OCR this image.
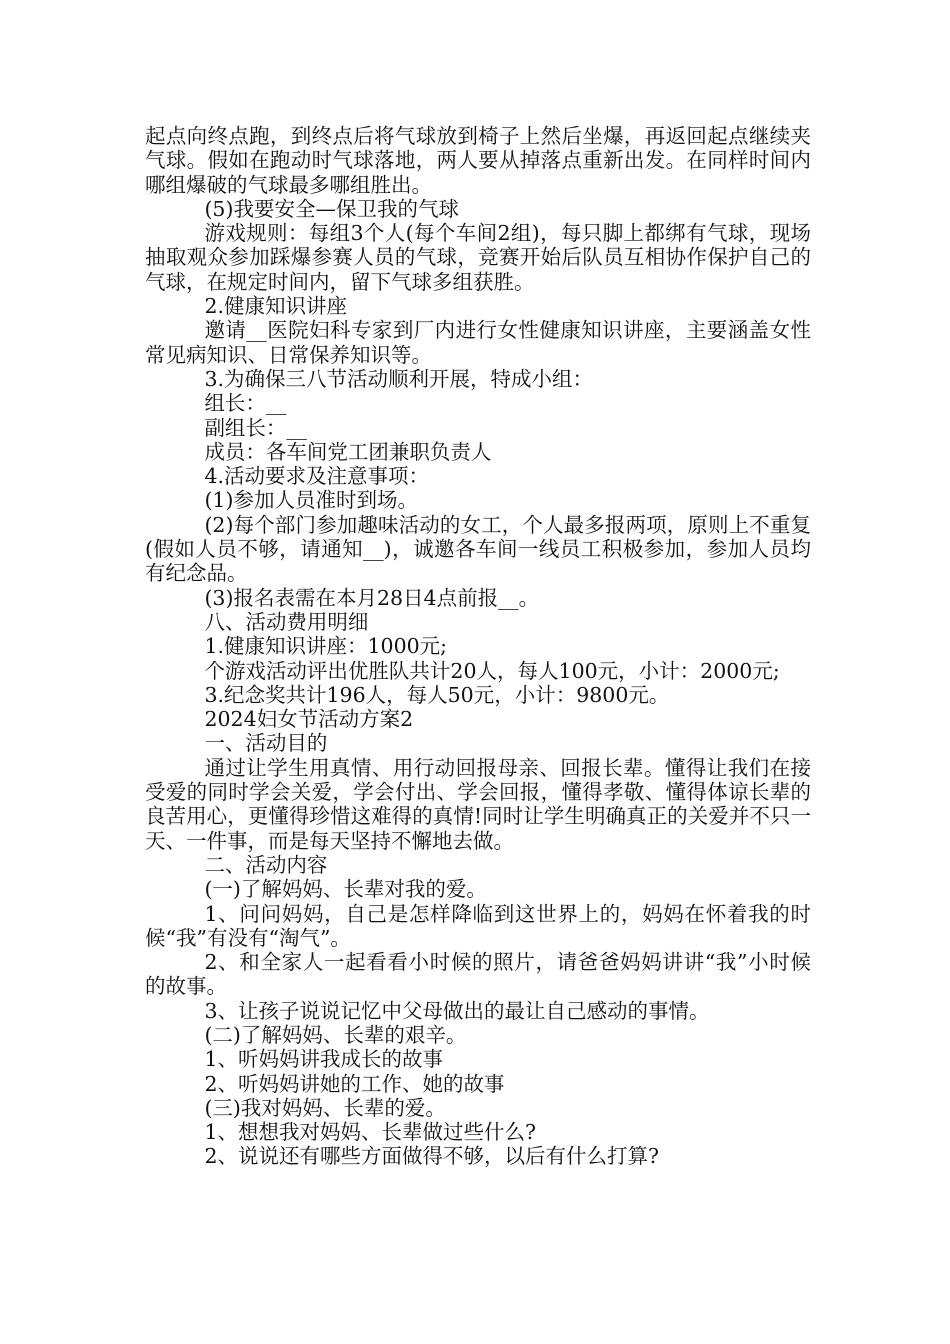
起点向终点跑，到终点后将气球放到椅子上然后坐爆，再返回起点继续夹气球。假如在跑动时气球落地，两人要从掉落点重新出发。在同样时间内哪组爆破的气球最多哪组胜出。

(5)我要安全—保卫我的气球

游戏规则：每组3个人(每个车间2组)，每只脚上都绑有气球，现场抽取观众参加踩爆参赛人员的气球，竞赛开始后队员互相协作保护自己的气球，在规定时间内，留下气球多组获胜。

2.健康知识讲座

邀请__医院妇科专家到厂内进行女性健康知识讲座，主要涵盖女性常见病知识、日常保养知识等。

3.为确保三八节活动顺利开展，特成小组：

组长：__

副组长：__

成员：各车间党工团兼职负责人

4.活动要求及注意事项：

(1)参加人员准时到场。

(2)每个部门参加趣味活动的女工，个人最多报两项，原则上不重复(假如人员不够，请通知__)，诚邀各车间一线员工积极参加，参加人员均有纪念品。

(3)报名表需在本月28日4点前报__。

八、活动费用明细

1.健康知识讲座：1000元;

个游戏活动评出优胜队共计20人，每人100元，小计：2000元;

3.纪念奖共计196人，每人50元，小计：9800元。

2024妇女节活动方案2

一、活动目的

通过让学生用真情、用行动回报母亲、回报长辈。懂得让我们在接受爱的同时学会关爱，学会付出、学会回报，懂得孝敬、懂得体谅长辈的良苦用心，更懂得珍惜这难得的真情!同时让学生明确真正的关爱并不只一天、一件事，而是每天坚持不懈地去做。

二、活动内容

(一)了解妈妈、长辈对我的爱。

1、问问妈妈，自己是怎样降临到这世界上的，妈妈在怀着我的时候“我”有没有“淘气”。

2、和全家人一起看看小时候的照片，请爸爸妈妈讲讲“我”小时候的故事。

3、让孩子说说记忆中父母做出的最让自己感动的事情。

(二)了解妈妈、长辈的艰辛。

1、听妈妈讲我成长的故事

2、听妈妈讲她的工作、她的故事

(三)我对妈妈、长辈的爱。

1、想想我对妈妈、长辈做过些什么?

2、说说还有哪些方面做得不够，以后有什么打算?
